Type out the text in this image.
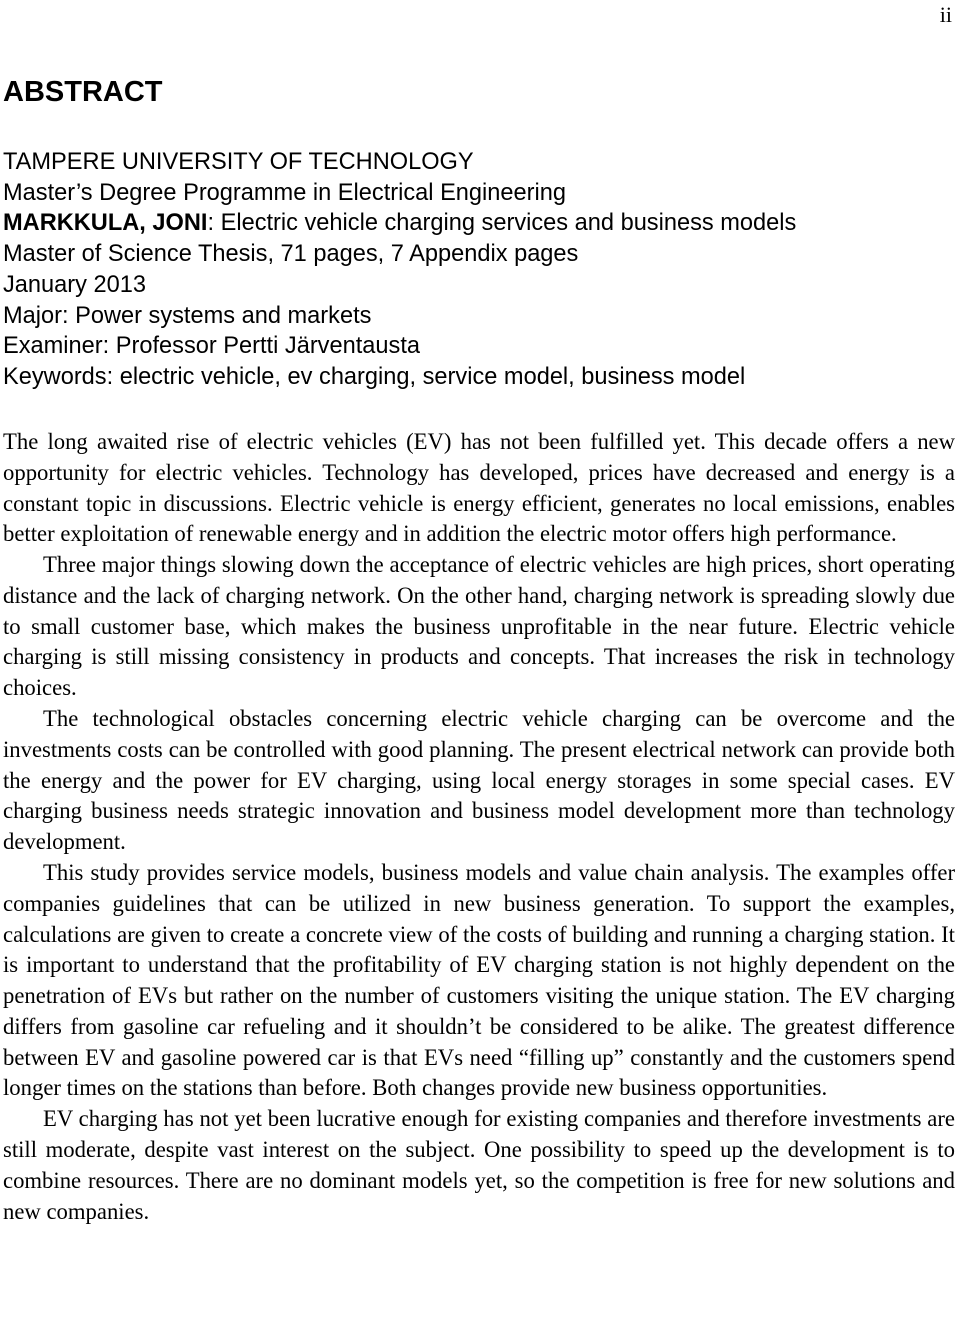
ii
ABSTRACT
TAMPERE UNIVERSITY OF TECHNOLOGY
Master’s Degree Programme in Electrical Engineering
MARKKULA, JONI: Electric vehicle charging services and business models
Master of Science Thesis, 71 pages, 7 Appendix pages
January 2013
Major: Power systems and markets
Examiner: Professor Pertti Järventausta
Keywords: electric vehicle, ev charging, service model, business model

The long awaited rise of electric vehicles (EV) has not been fulfilled yet. This decade offers a new opportunity for electric vehicles. Technology has developed, prices have decreased and energy is a constant topic in discussions. Electric vehicle is energy efficient, generates no local emissions, enables better exploitation of renewable energy and in addition the electric motor offers high performance.

Three major things slowing down the acceptance of electric vehicles are high prices, short operating distance and the lack of charging network. On the other hand, charging network is spreading slowly due to small customer base, which makes the business unprofitable in the near future. Electric vehicle charging is still missing consistency in products and concepts. That increases the risk in technology choices.

The technological obstacles concerning electric vehicle charging can be overcome and the investments costs can be controlled with good planning. The present electrical network can provide both the energy and the power for EV charging, using local energy storages in some special cases. EV charging business needs strategic innovation and business model development more than technology development.

This study provides service models, business models and value chain analysis. The examples offer companies guidelines that can be utilized in new business generation. To support the examples, calculations are given to create a concrete view of the costs of building and running a charging station. It is important to understand that the profitability of EV charging station is not highly dependent on the penetration of EVs but rather on the number of customers visiting the unique station. The EV charging differs from gasoline car refueling and it shouldn’t be considered to be alike. The greatest difference between EV and gasoline powered car is that EVs need “filling up” constantly and the customers spend longer times on the stations than before. Both changes provide new business opportunities.

EV charging has not yet been lucrative enough for existing companies and therefore investments are still moderate, despite vast interest on the subject. One possibility to speed up the development is to combine resources. There are no dominant models yet, so the competition is free for new solutions and new companies.
